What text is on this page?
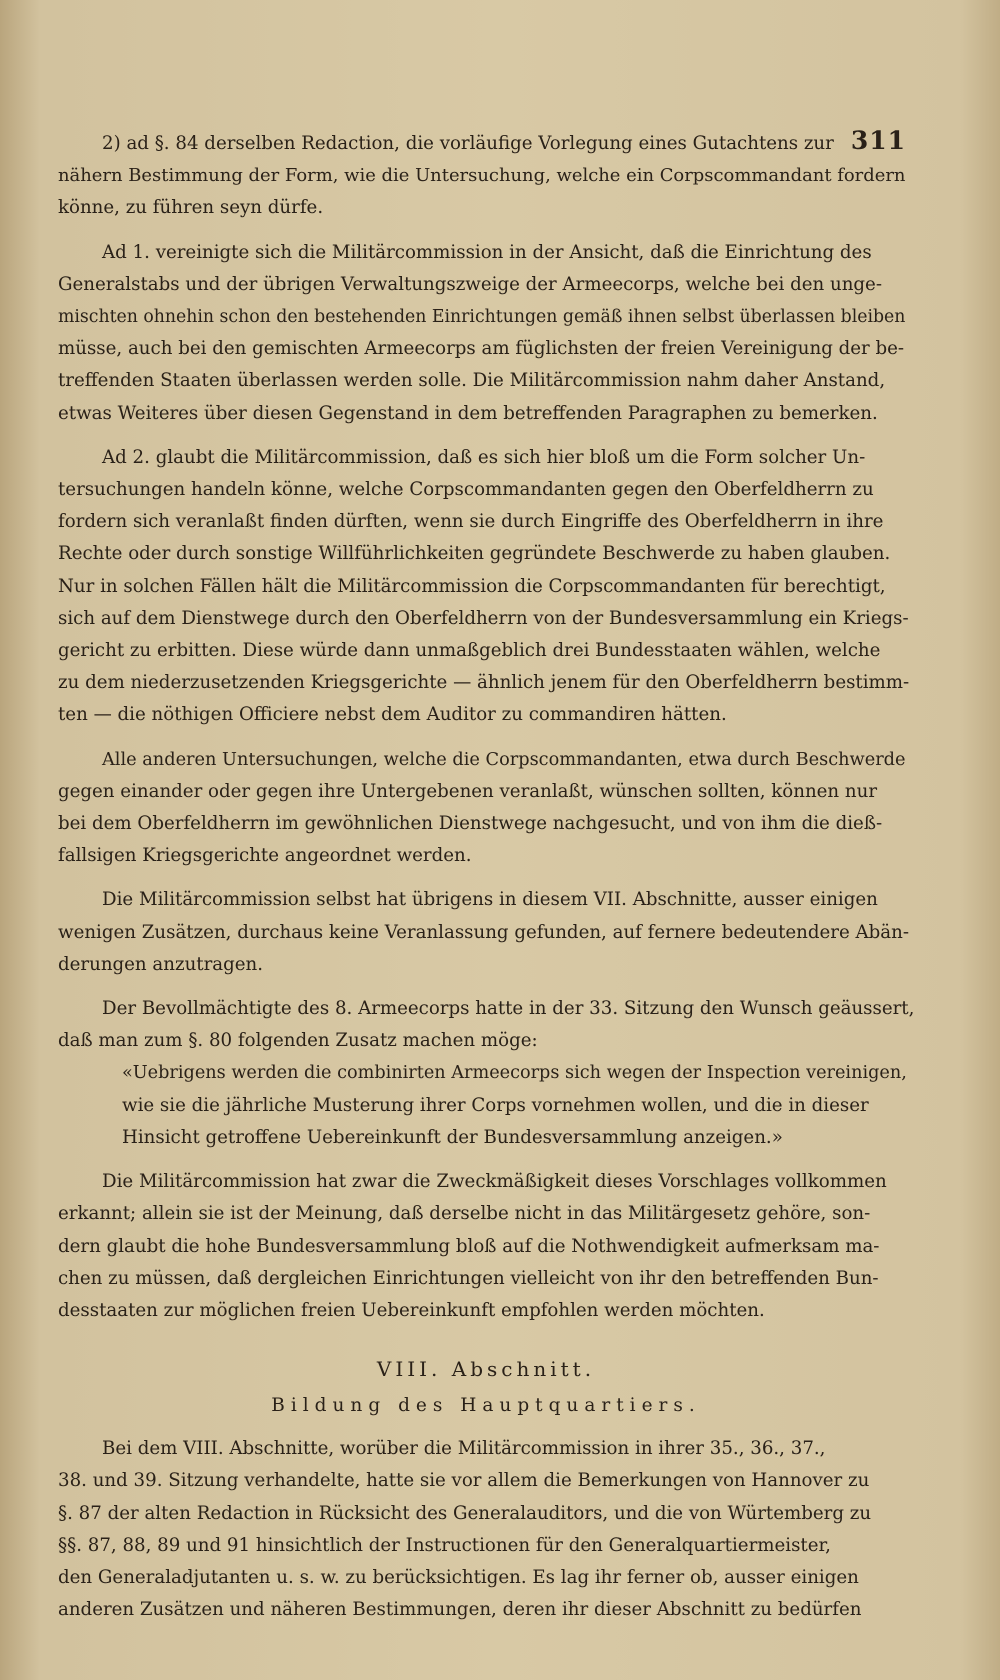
311
2) ad §. 84 derselben Redaction, die vorläufige Vorlegung eines Gutachtens zur
nähern Bestimmung der Form, wie die Untersuchung, welche ein Corpscommandant fordern
könne, zu führen seyn dürfe.
Ad 1. vereinigte sich die Militärcommission in der Ansicht, daß die Einrichtung des
Generalstabs und der übrigen Verwaltungszweige der Armeecorps, welche bei den unge-
mischten ohnehin schon den bestehenden Einrichtungen gemäß ihnen selbst überlassen bleiben
müsse, auch bei den gemischten Armeecorps am füglichsten der freien Vereinigung der be-
treffenden Staaten überlassen werden solle. Die Militärcommission nahm daher Anstand,
etwas Weiteres über diesen Gegenstand in dem betreffenden Paragraphen zu bemerken.
Ad 2. glaubt die Militärcommission, daß es sich hier bloß um die Form solcher Un-
tersuchungen handeln könne, welche Corpscommandanten gegen den Oberfeldherrn zu
fordern sich veranlaßt finden dürften, wenn sie durch Eingriffe des Oberfeldherrn in ihre
Rechte oder durch sonstige Willführlichkeiten gegründete Beschwerde zu haben glauben.
Nur in solchen Fällen hält die Militärcommission die Corpscommandanten für berechtigt,
sich auf dem Dienstwege durch den Oberfeldherrn von der Bundesversammlung ein Kriegs-
gericht zu erbitten. Diese würde dann unmaßgeblich drei Bundesstaaten wählen, welche
zu dem niederzusetzenden Kriegsgerichte — ähnlich jenem für den Oberfeldherrn bestimm-
ten — die nöthigen Officiere nebst dem Auditor zu commandiren hätten.
Alle anderen Untersuchungen, welche die Corpscommandanten, etwa durch Beschwerde
gegen einander oder gegen ihre Untergebenen veranlaßt, wünschen sollten, können nur
bei dem Oberfeldherrn im gewöhnlichen Dienstwege nachgesucht, und von ihm die dieß-
fallsigen Kriegsgerichte angeordnet werden.
Die Militärcommission selbst hat übrigens in diesem VII. Abschnitte, ausser einigen
wenigen Zusätzen, durchaus keine Veranlassung gefunden, auf fernere bedeutendere Abän-
derungen anzutragen.
Der Bevollmächtigte des 8. Armeecorps hatte in der 33. Sitzung den Wunsch geäussert,
daß man zum §. 80 folgenden Zusatz machen möge:
«Uebrigens werden die combinirten Armeecorps sich wegen der Inspection vereinigen,
wie sie die jährliche Musterung ihrer Corps vornehmen wollen, und die in dieser
Hinsicht getroffene Uebereinkunft der Bundesversammlung anzeigen.»
Die Militärcommission hat zwar die Zweckmäßigkeit dieses Vorschlages vollkommen
erkannt; allein sie ist der Meinung, daß derselbe nicht in das Militärgesetz gehöre, son-
dern glaubt die hohe Bundesversammlung bloß auf die Nothwendigkeit aufmerksam ma-
chen zu müssen, daß dergleichen Einrichtungen vielleicht von ihr den betreffenden Bun-
desstaaten zur möglichen freien Uebereinkunft empfohlen werden möchten.
VIII. Abschnitt.
Bildung des Hauptquartiers.
Bei dem VIII. Abschnitte, worüber die Militärcommission in ihrer 35., 36., 37.,
38. und 39. Sitzung verhandelte, hatte sie vor allem die Bemerkungen von Hannover zu
§. 87 der alten Redaction in Rücksicht des Generalauditors, und die von Würtemberg zu
§§. 87, 88, 89 und 91 hinsichtlich der Instructionen für den Generalquartiermeister,
den Generaladjutanten u. s. w. zu berücksichtigen. Es lag ihr ferner ob, ausser einigen
anderen Zusätzen und näheren Bestimmungen, deren ihr dieser Abschnitt zu bedürfen
